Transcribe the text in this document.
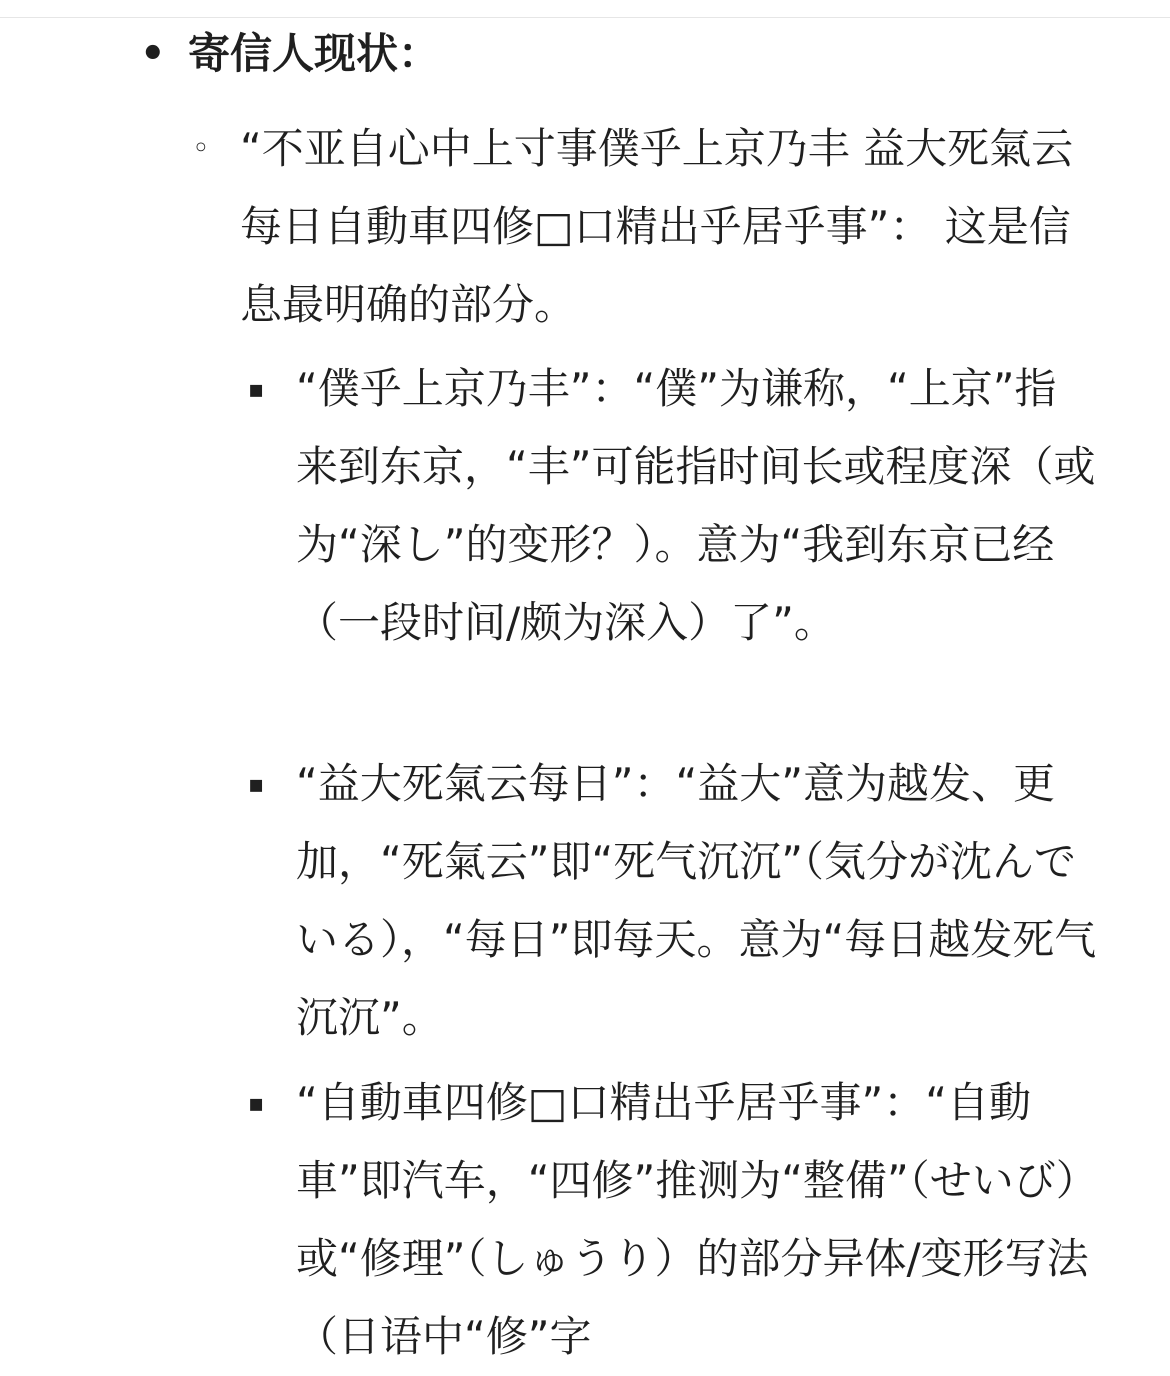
• 寄信人现状：
◦ “不亚自心中上寸事僕乎上京乃丰 益大死氣云每日自動車四修□口精出乎居乎事”： 这是信息最明确的部分。
▪ “僕乎上京乃丰”：“僕”为谦称，“上京”指来到东京，“丰”可能指时间长或程度深（或为“深し”的变形？）。意为“我到东京已经（一段时间/颇为深入）了”。
▪ “益大死氣云每日”：“益大”意为越发、更加，“死氣云”即“死气沉沉”（気分が沈んでいる），“每日”即每天。意为“每日越发死气沉沉”。
▪ “自動車四修□口精出乎居乎事”：“自動車”即汽车，“四修”推测为“整備”（せいび）或“修理”（しゅうり）的部分异体/变形写法（日语中“修”字
